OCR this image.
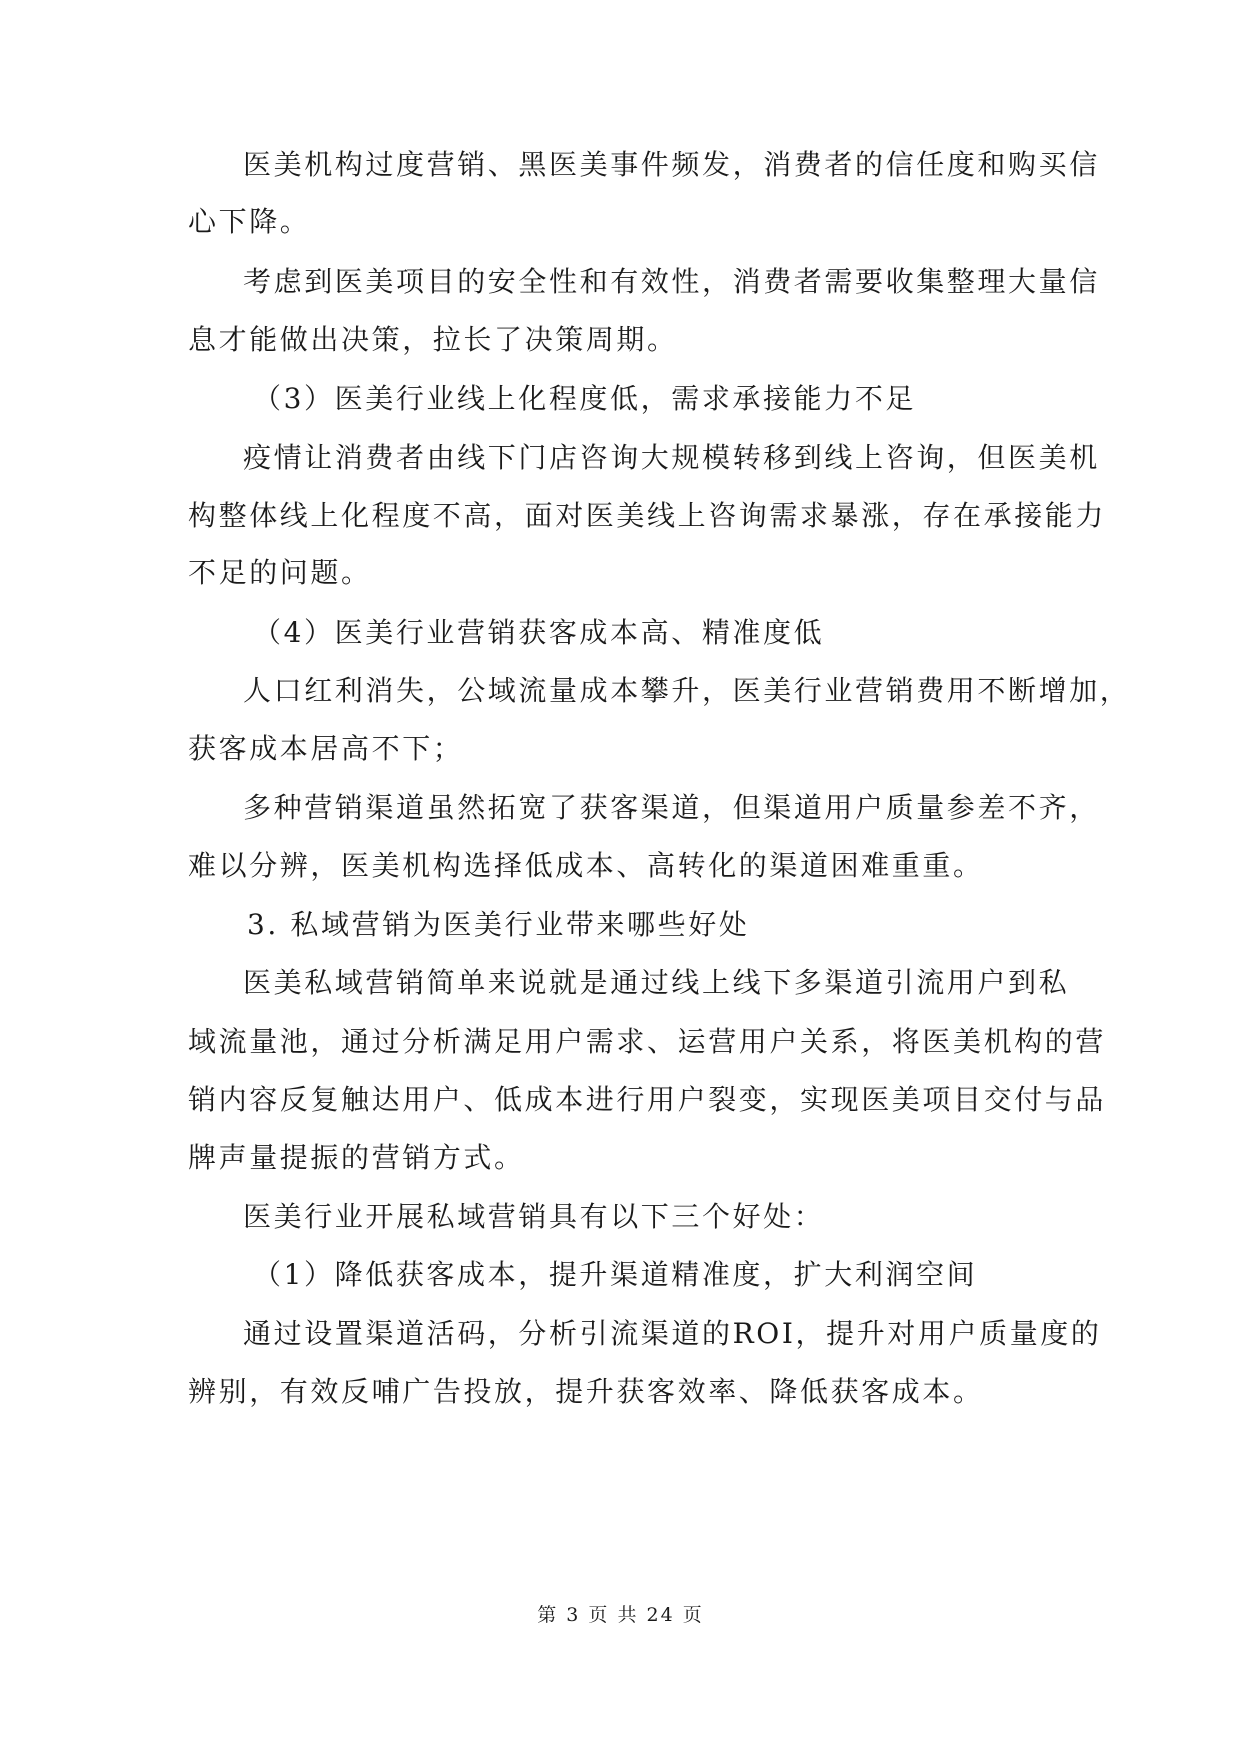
医美机构过度营销、黑医美事件频发，消费者的信任度和购买信
心下降。
考虑到医美项目的安全性和有效性，消费者需要收集整理大量信
息才能做出决策，拉长了决策周期。
（3）医美行业线上化程度低，需求承接能力不足
疫情让消费者由线下门店咨询大规模转移到线上咨询，但医美机
构整体线上化程度不高，面对医美线上咨询需求暴涨，存在承接能力
不足的问题。
（4）医美行业营销获客成本高、精准度低
人口红利消失，公域流量成本攀升，医美行业营销费用不断增加，
获客成本居高不下；
多种营销渠道虽然拓宽了获客渠道，但渠道用户质量参差不齐，
难以分辨，医美机构选择低成本、高转化的渠道困难重重。
3. 私域营销为医美行业带来哪些好处
医美私域营销简单来说就是通过线上线下多渠道引流用户到私
域流量池，通过分析满足用户需求、运营用户关系，将医美机构的营
销内容反复触达用户、低成本进行用户裂变，实现医美项目交付与品
牌声量提振的营销方式。
医美行业开展私域营销具有以下三个好处：
（1）降低获客成本，提升渠道精准度，扩大利润空间
通过设置渠道活码，分析引流渠道的ROI，提升对用户质量度的
辨别，有效反哺广告投放，提升获客效率、降低获客成本。
第 3 页 共 24 页
